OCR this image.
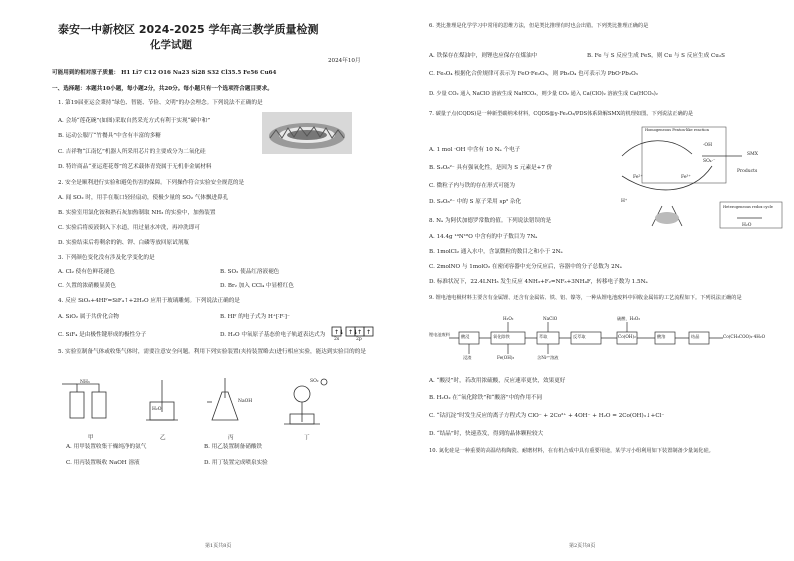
泰安一中新校区 2024-2025 学年高三教学质量检测
化学试题
2024年10月
可能用到的相对原子质量： H1 Li7 C12 O16 Na23 Si28 S32 Cl35.5 Fe56 Cu64
一、选择题：本题共10小题，每小题2分，共20分。每小题只有一个选项符合题目要求。
1. 第19届亚运会秉持“绿色、智能、节俭、文明”的办会理念。下列说法不正确的是
A. 会场“莲花碗”(如图)采取自然采光方式有利于实现“碳中和”
B. 运动公服厅“竹餐具”中含有丰富的多糖
C. 吉祥物“江南忆”机器人所采用芯片的主要成分为二氧化硅
D. 特许商品“亚运莲花尊”的艺术载体青瓷属于无机非金属材料
2. 安全是顺利进行实验和避免伤害的保障。下列操作符合实验安全规范的是
A. 闻 SO₂ 时，用手在瓶口轻轻扇动，使极少量的 SO₂ 气体飘进鼻孔
B. 实验室用氯化铵和熟石灰加热制取 NH₃ 的实验中，加热装置
C. 实验后将废液倒入下水道，用过量水冲洗，再冲洗即可
D. 实验结束后将剩余的钠、钾、白磷等放回原试剂瓶
3. 下列颜色变化没有涉及化学变化的是
A. Cl₂ 使有色鲜花褪色	B. SO₂ 使品红溶液褪色
C. 久置的浓硝酸显黄色	D. Br₂ 加入 CCl₄ 中显橙红色
4. 反应 SiO₂+4HF=SiF₄↑+2H₂O 应用于玻璃雕刻。下列说法正确的是
A. SiO₂ 属于共价化合物	B. HF 的电子式为 H⁺[∶F∶]⁻
C. SiF₄ 是由极性键形成的极性分子	D. H₂O 中氧原子基态价电子轨道表达式为 ↑↓ ↑↓
↑ ↑
2s	2p
5. 实验室制备气体或收集气体时，需要注意安全问题。利用下列实验装置(夹持装置略去)进行相应实验，能达到实验目的的是
NH₃
H₂O
NaOH
SO₂
甲	乙	丙	丁
A. 用甲装置收集干燥纯净的氨气	B. 用乙装置制备硝酸铁
C. 用丙装置吸收 NaOH 溶液	D. 用丁装置完成喷泉实验
第1页共8页
6. 类比推理是化学学习中常用的思维方法，但是类比推理有时也会出错。下列类比推理正确的是
A. 铁保存在煤油中，则锂也应保存在煤油中	B. Fe 与 S 反应生成 FeS，则 Cu 与 S 反应生成 Cu₂S
C. Fe₃O₄ 根据化合价规律可表示为 FeO·Fe₂O₃，则 Pb₃O₄ 也可表示为 PbO·Pb₂O₃
D. 少量 CO₂ 通入 NaClO 溶液生成 NaHCO₃，则少量 CO₂ 通入 Ca(ClO)₂ 溶液生成 Ca(HCO₃)₂
7. 碳量子点(CQDS)是一种新型碳纳米材料，CQDS@γ-Fe₂O₃/PDS体系降解SMX的机理如图。下列说法正确的是
A. 1 mol ·OH 中含有 10 Nₐ 个电子
B. S₂O₈²⁻ 具有强氧化性，是因为 S 元素是+7 价
C. 微粒子内与铁的存在形式可能为
D. S₂O₈²⁻ 中的 S 原子采用 sp³ 杂化
Homogeneous Fenton-like reaction
Heterogeneous redox cycle
SMX
Products
·OH
SO₄·⁻
H₂O
Fe³⁺
Fe²⁺
H⁺
8. Nₐ 为阿伏加德罗常数的值。下列说法错误的是
A. 14.4g ¹⁴N¹⁸O 中含有的中子数目为 7Nₐ
B. 1molCl₂ 通入水中，含氯微粒的数目之和小于 2Nₐ
C. 2molNO 与 1molO₂ 在密闭容器中充分反应后，容器中的分子总数为 2Nₐ
D. 标准状况下，22.4LNH₃ 发生反应 4NH₃+F₂=NF₃+3NH₄F，转移电子数为 1.5Nₐ
9. 锂电池电极材料主要含有金属锂、还含有金属钴、铁、铝、镍等，一种从锂电池废料中回收金属钴的工艺流程如下。下列说法正确的是
锂电池废料	酸浸	氧化除铁	萃取	反萃取	Co(OH)₂	酸溶	结晶	Co(CH₃COO)₂·4H₂O
H₂O₂	NaClO	硫酸、H₂O₂
浸渣	Fe(OH)₃	含Ni²⁺溶液
A. “酸浸”时，若改用浓硫酸，反应速率更快，效果更好
B. H₂O₂ 在“氧化除铁”和“酸溶”中的作用不同
C. “钴沉淀”时发生反应的离子方程式为 ClO⁻ + 2Co²⁺ + 4OH⁻ + H₂O = 2Co(OH)₃↓+Cl⁻
D. “结晶”时，快速蒸发，得到的晶体颗粒较大
10. 氮化硅是一种重要的高温结构陶瓷、耐磨材料，在有机合成中具有重要用途，某学习小组利用如下装置制备少量氮化硅。
第2页共8页
